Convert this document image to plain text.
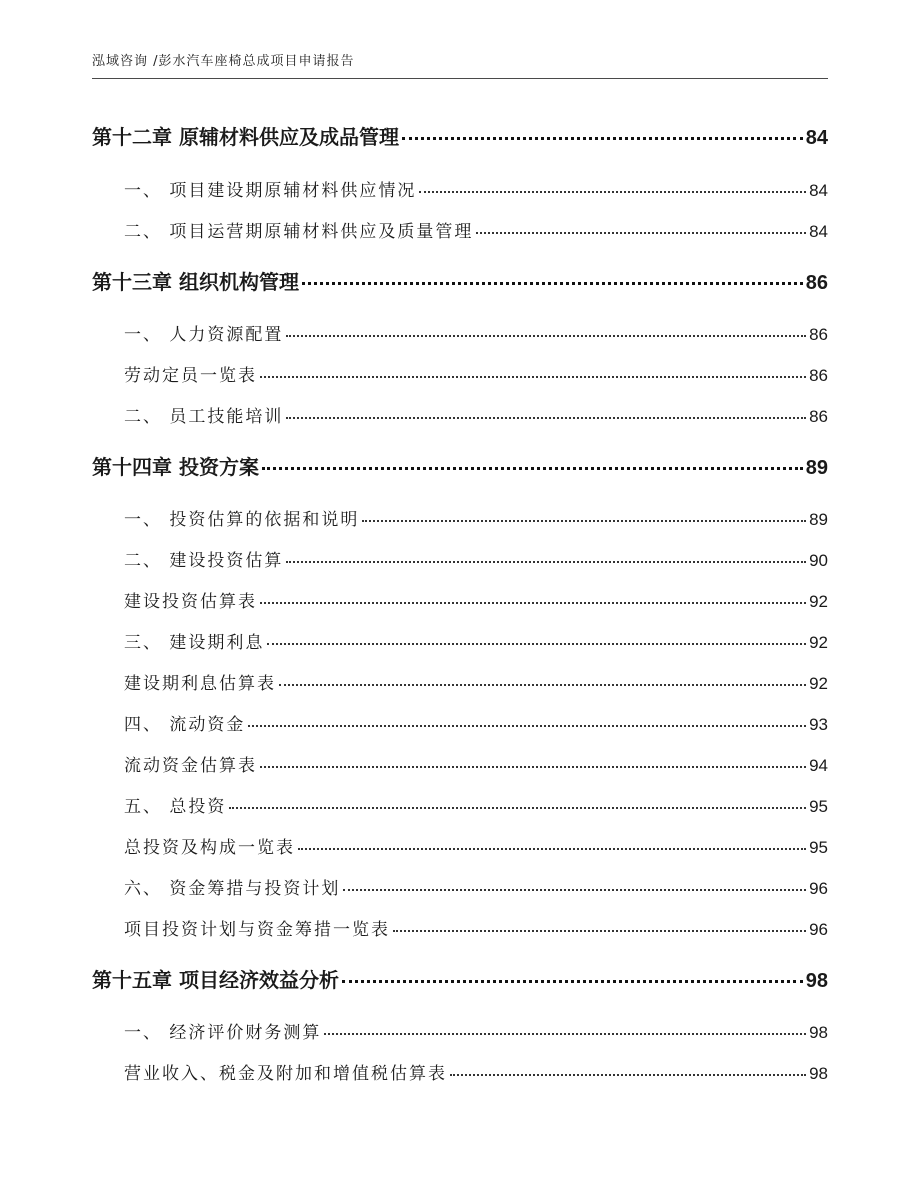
泓域咨询 /彭水汽车座椅总成项目申请报告
第十二章 原辅材料供应及成品管理	84
一、 项目建设期原辅材料供应情况	84
二、 项目运营期原辅材料供应及质量管理	84
第十三章 组织机构管理	86
一、 人力资源配置	86
劳动定员一览表	86
二、 员工技能培训	86
第十四章 投资方案	89
一、 投资估算的依据和说明	89
二、 建设投资估算	90
建设投资估算表	92
三、 建设期利息	92
建设期利息估算表	92
四、 流动资金	93
流动资金估算表	94
五、 总投资	95
总投资及构成一览表	95
六、 资金筹措与投资计划	96
项目投资计划与资金筹措一览表	96
第十五章 项目经济效益分析	98
一、 经济评价财务测算	98
营业收入、税金及附加和增值税估算表	98
